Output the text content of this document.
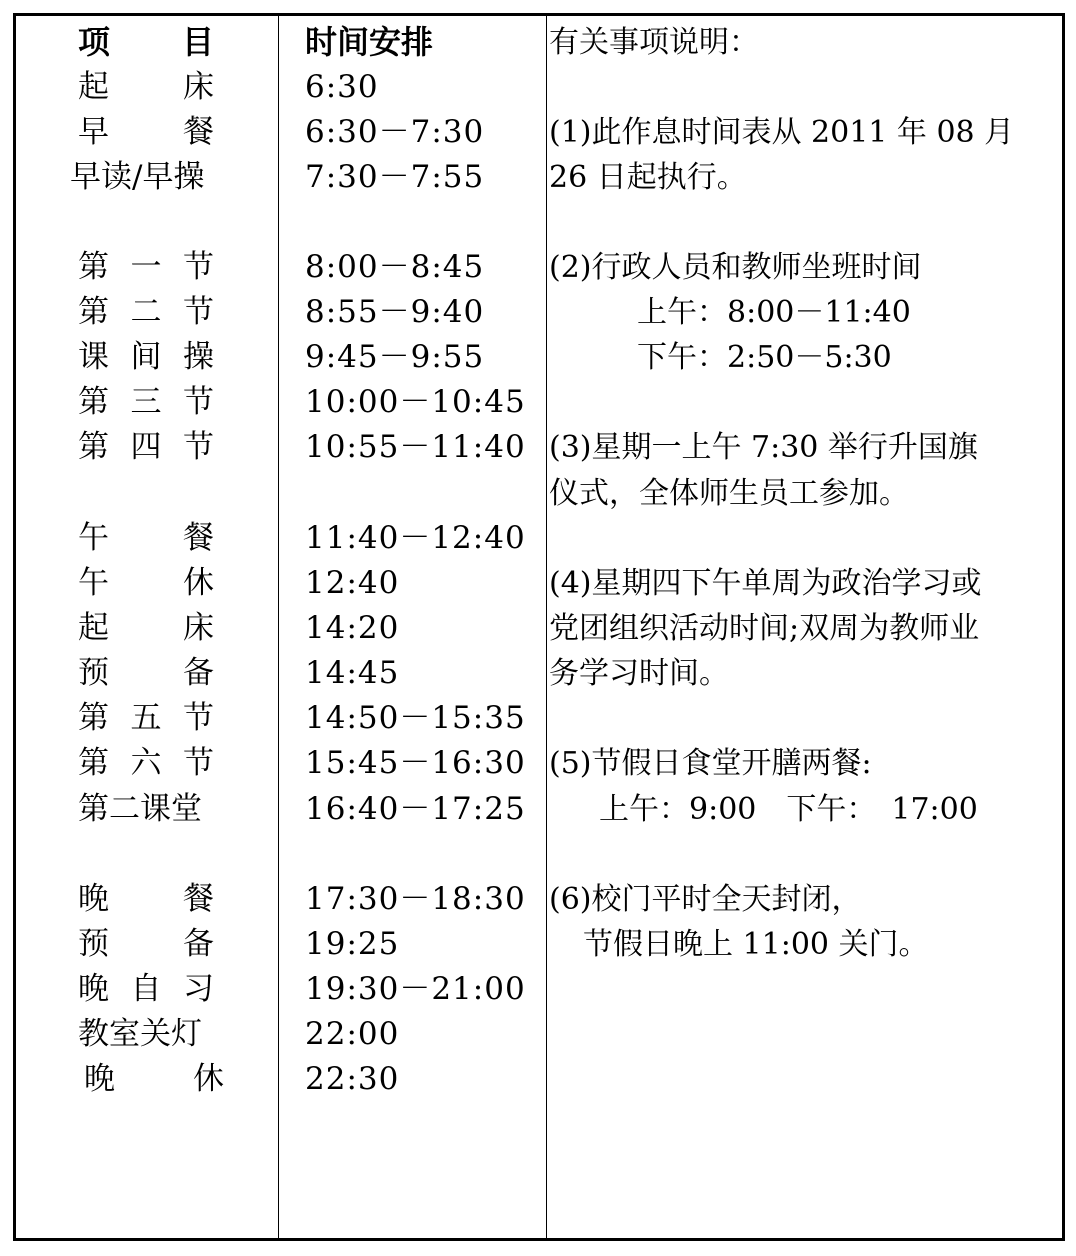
项 目
起 床
早 餐
早读/早操
第 一 节
第 二 节
课 间 操
第 三 节
第 四 节
午 餐
午 休
起 床
预 备
第 五 节
第 六 节
第二课堂
晚 餐
预 备
晚 自 习
教室关灯
晚	休
时间安排
6:30
6:30－7:30
7:30－7:55
8:00－8:45
8:55－9:40
9:45－9:55
10:00－10:45
10:55－11:40
11:40－12:40
12:40
14:20
14:45
14:50－15:35
15:45－16:30
16:40－17:25
17:30－18:30
19:25
19:30－21:00
22:00
22:30
有关事项说明：
(1)此作息时间表从 2011 年 08 月
26 日起执行。
(2)行政人员和教师坐班时间
上午：8:00－11:40
下午：2:50－5:30
(3)星期一上午 7:30 举行升国旗
仪式，全体师生员工参加。
(4)星期四下午单周为政治学习或
党团组织活动时间;双周为教师业
务学习时间。
(5)节假日食堂开膳两餐:
上午：9:00　下午：　17:00
(6)校门平时全天封闭，
节假日晚上 11:00 关门。
